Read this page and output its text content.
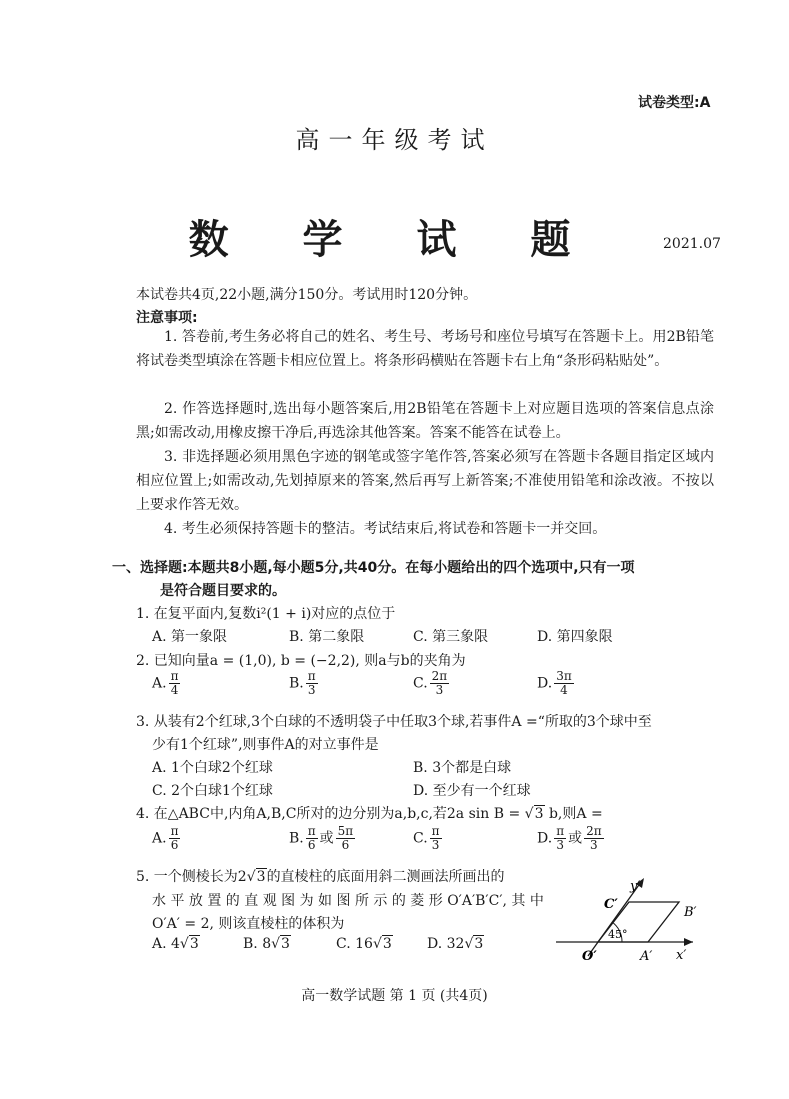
试卷类型:A
高一年级考试
数 学 试 题	2021.07
本试卷共4页,22小题,满分150分。考试用时120分钟。
注意事项:
1. 答卷前,考生务必将自己的姓名、考生号、考场号和座位号填写在答题卡上。用2B铅笔将试卷类型填涂在答题卡相应位置上。将条形码横贴在答题卡右上角“条形码粘贴处”。
2. 作答选择题时,选出每小题答案后,用2B铅笔在答题卡上对应题目选项的答案信息点涂黑;如需改动,用橡皮擦干净后,再选涂其他答案。答案不能答在试卷上。
3. 非选择题必须用黑色字迹的钢笔或签字笔作答,答案必须写在答题卡各题目指定区域内相应位置上;如需改动,先划掉原来的答案,然后再写上新答案;不准使用铅笔和涂改液。不按以上要求作答无效。
4. 考生必须保持答题卡的整洁。考试结束后,将试卷和答题卡一并交回。
一、选择题:本题共8小题,每小题5分,共40分。在每小题给出的四个选项中,只有一项
是符合题目要求的。
1. 在复平面内,复数i²(1 + i)对应的点位于
A. 第一象限	B. 第二象限	C. 第三象限	D. 第四象限
2. 已知向量a = (1,0), b = (−2,2), 则a与b的夹角为
A. $\frac{\pi}{4}$	B. $\frac{\pi}{3}$	C. $\frac{2\pi}{3}$	D. $\frac{3\pi}{4}$
3. 从装有2个红球,3个白球的不透明袋子中任取3个球,若事件A =“所取的3个球中至
少有1个红球”,则事件A的对立事件是
A. 1个白球2个红球	B. 3个都是白球
C. 2个白球1个红球	D. 至少有一个红球
4. 在△ABC中,内角A,B,C所对的边分别为a,b,c,若2a sin B = √3 b,则A =
A. $\frac{\pi}{6}$	B. $\frac{\pi}{6}$ 或 $\frac{5\pi}{6}$	C. $\frac{\pi}{3}$	D. $\frac{\pi}{3}$ 或 $\frac{2\pi}{3}$
5. 一个侧棱长为2√3的直棱柱的底面用斜二测画法所画出的
水 平 放 置 的 直 观 图 为 如 图 所 示 的 菱 形 O′A′B′C′, 其 中
O′A′ = 2, 则该直棱柱的体积为
A. 4√3	B. 8√3	C. 16√3	D. 32√3
y′
x′
C′
B′
O′	A′
45°
高一数学试题 第 1 页 (共4页)
